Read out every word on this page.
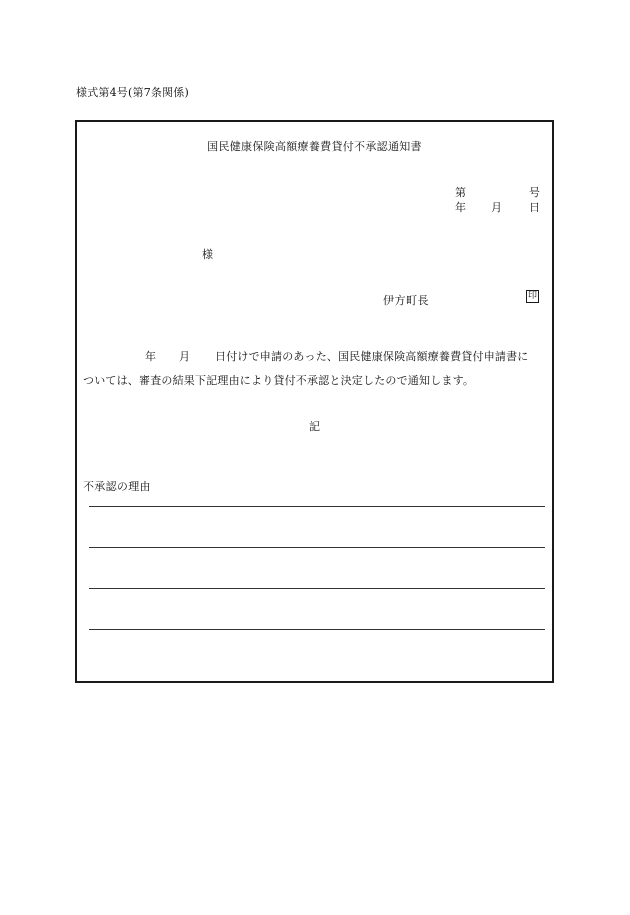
様式第4号(第7条関係)
国民健康保険高額療養費貸付不承認通知書
第	号
年 月 日
様
伊方町長	印
年 月 日付けで申請のあった、国民健康保険高額療養費貸付申請書に
ついては、審査の結果下記理由により貸付不承認と決定したので通知します。
記
不承認の理由
